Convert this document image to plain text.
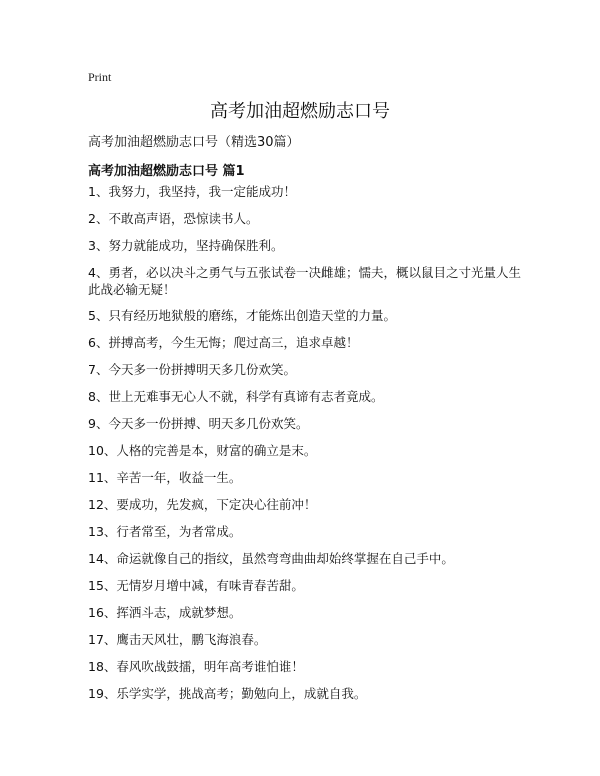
Print
高考加油超燃励志口号
高考加油超燃励志口号（精选30篇）
高考加油超燃励志口号 篇1
1、我努力，我坚持，我一定能成功！
2、不敢高声语，恐惊读书人。
3、努力就能成功，坚持确保胜利。
4、勇者，必以决斗之勇气与五张试卷一决雌雄；懦夫，概以鼠目之寸光量人生此战必输无疑！
5、只有经历地狱般的磨练，才能炼出创造天堂的力量。
6、拼搏高考，今生无悔；爬过高三，追求卓越！
7、今天多一份拼搏明天多几份欢笑。
8、世上无难事无心人不就，科学有真谛有志者竟成。
9、今天多一份拼搏、明天多几份欢笑。
10、人格的完善是本，财富的确立是末。
11、辛苦一年，收益一生。
12、要成功，先发疯，下定决心往前冲！
13、行者常至，为者常成。
14、命运就像自己的指纹，虽然弯弯曲曲却始终掌握在自己手中。
15、无情岁月增中减，有味青春苦甜。
16、挥洒斗志，成就梦想。
17、鹰击天风壮，鹏飞海浪春。
18、春风吹战鼓擂，明年高考谁怕谁！
19、乐学实学，挑战高考；勤勉向上，成就自我。
